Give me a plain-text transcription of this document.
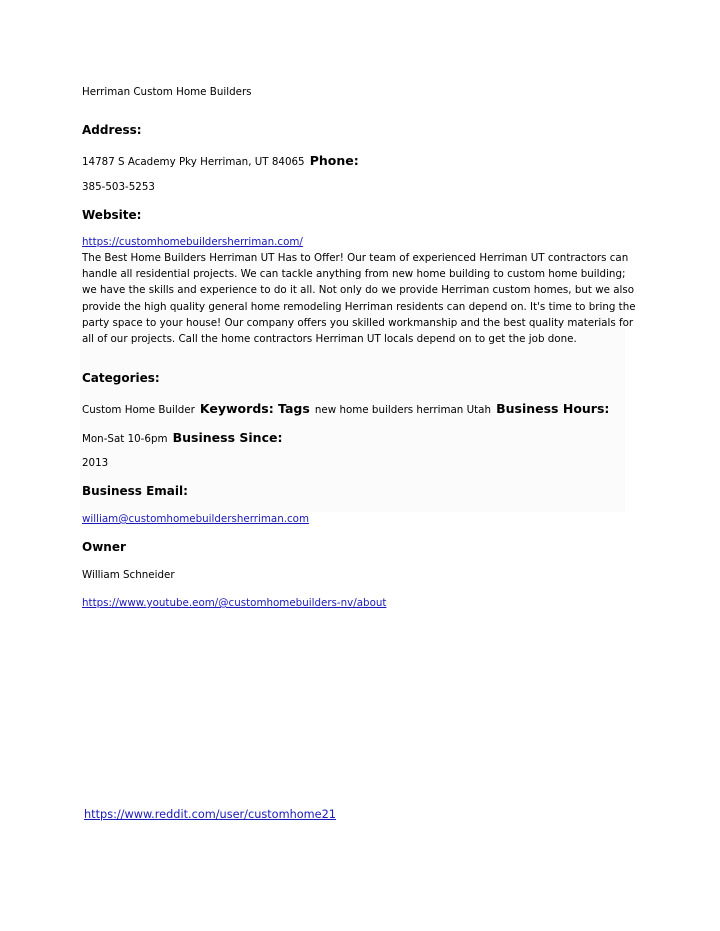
Herriman Custom Home Builders
Address:
14787 S Academy Pky Herriman, UT 84065 Phone:
385-503-5253
Website:
https://customhomebuildersherriman.com/
The Best Home Builders Herriman UT Has to Offer! Our team of experienced Herriman UT contractors can handle all residential projects. We can tackle anything from new home building to custom home building; we have the skills and experience to do it all. Not only do we provide Herriman custom homes, but we also provide the high quality general home remodeling Herriman residents can depend on. It's time to bring the party space to your house! Our company offers you skilled workmanship and the best quality materials for all of our projects. Call the home contractors Herriman UT locals depend on to get the job done.
Categories:
Custom Home Builder Keywords: Tags new home builders herriman Utah Business Hours:
Mon-Sat 10-6pm Business Since:
2013
Business Email:
william@customhomebuildersherriman.com
Owner
William Schneider
https://www.youtube.eom/@customhomebuilders-nv/about
https://www.reddit.com/user/customhome21
